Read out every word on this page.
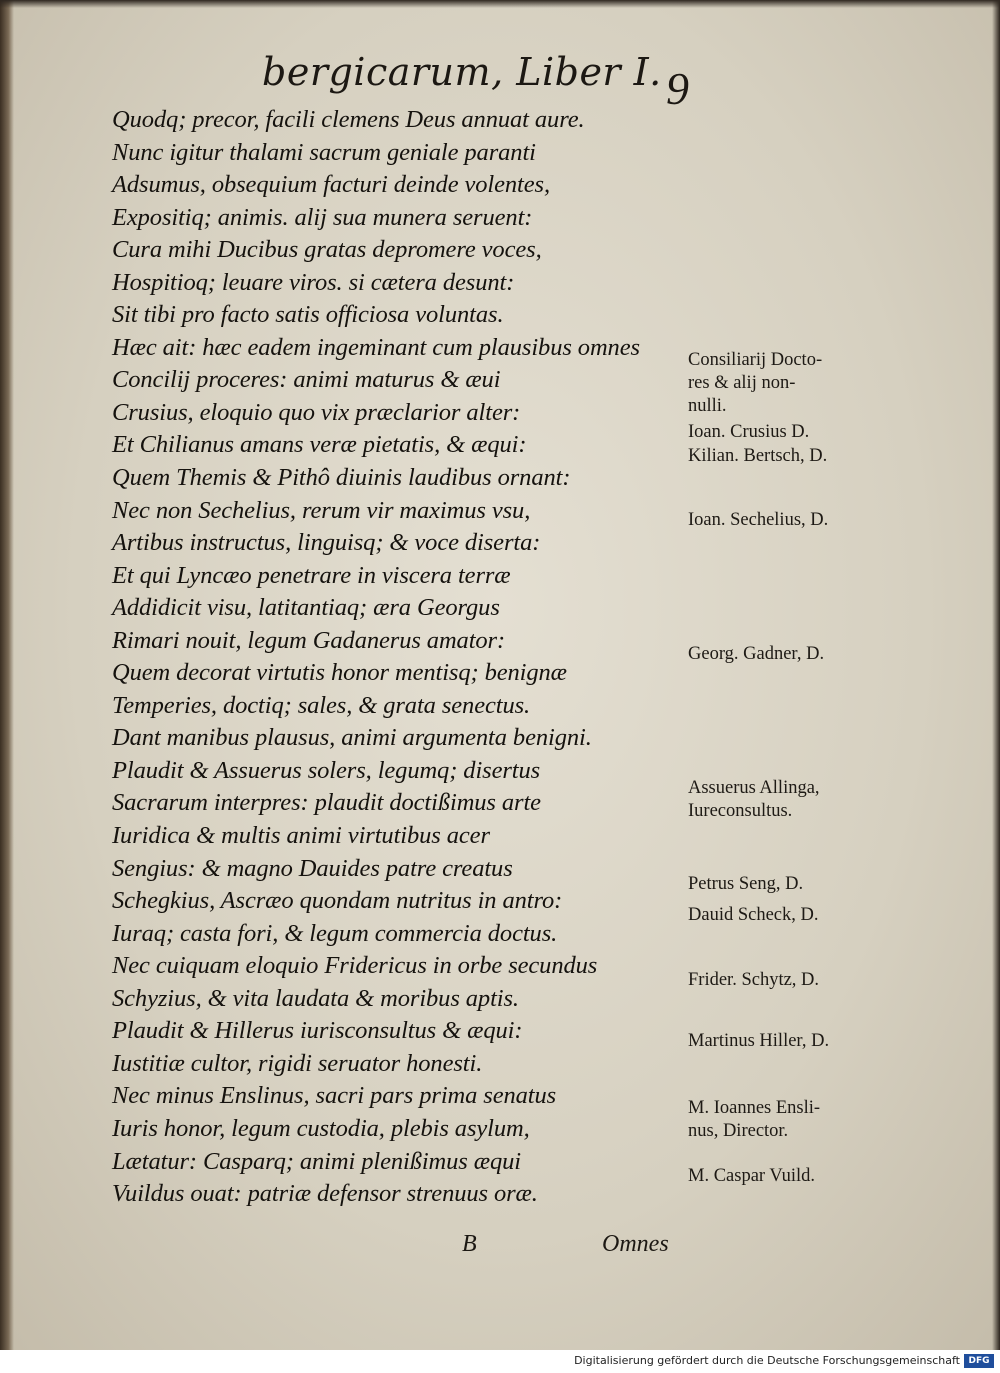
bergicarum, Liber I. 9
Quodq; precor, facili clemens Deus annuat aure.
Nunc igitur thalami sacrum geniale paranti
Adsumus, obsequium facturi deinde volentes,
Expositiq; animis. alij sua munera seruent:
Cura mihi Ducibus gratas depromere voces,
Hospitioq; leuare viros. si cætera desunt:
Sit tibi pro facto satis officiosa voluntas.
Hæc ait: hæc eadem ingeminant cum plausibus omnes
Concilij proceres: animi maturus & æui
Crusius, eloquio quo vix præclarior alter:
Et Chilianus amans veræ pietatis, & æqui:
Quem Themis & Pithô diuinis laudibus ornant:
Nec non Sechelius, rerum vir maximus vsu,
Artibus instructus, linguisq; & voce diserta:
Et qui Lyncæo penetrare in viscera terræ
Addidicit visu, latitantiaq; æra Georgus
Rimari nouit, legum Gadanerus amator:
Quem decorat virtutis honor mentisq; benignæ
Temperies, doctiq; sales, & grata senectus.
Dant manibus plausus, animi argumenta benigni.
Plaudit & Assuerus solers, legumq; disertus
Sacrarum interpres: plaudit doctißimus arte
Iuridica & multis animi virtutibus acer
Sengius: & magno Dauides patre creatus
Schegkius, Ascræo quondam nutritus in antro:
Iuraq; casta fori, & legum commercia doctus.
Nec cuiquam eloquio Fridericus in orbe secundus
Schyzius, & vita laudata & moribus aptis.
Plaudit & Hillerus iurisconsultus & æqui:
Iustitiæ cultor, rigidi seruator honesti.
Nec minus Enslinus, sacri pars prima senatus
Iuris honor, legum custodia, plebis asylum,
Lætatur: Casparq; animi plenißimus æqui
Vuildus ouat: patriæ defensor strenuus oræ.
Consiliarij Docto-
res & alij non-
nulli.
Ioan. Crusius D.
Kilian. Bertsch, D.
Ioan. Sechelius, D.
Georg. Gadner, D.
Assuerus Allinga,
Iureconsultus.
Petrus Seng, D.
Dauid Scheck, D.
Frider. Schytz, D.
Martinus Hiller, D.
M. Ioannes Ensli-
nus, Director.
M. Caspar Vuild.
B	Omnes
Digitalisierung gefördert durch die Deutsche Forschungsgemeinschaft DFG
